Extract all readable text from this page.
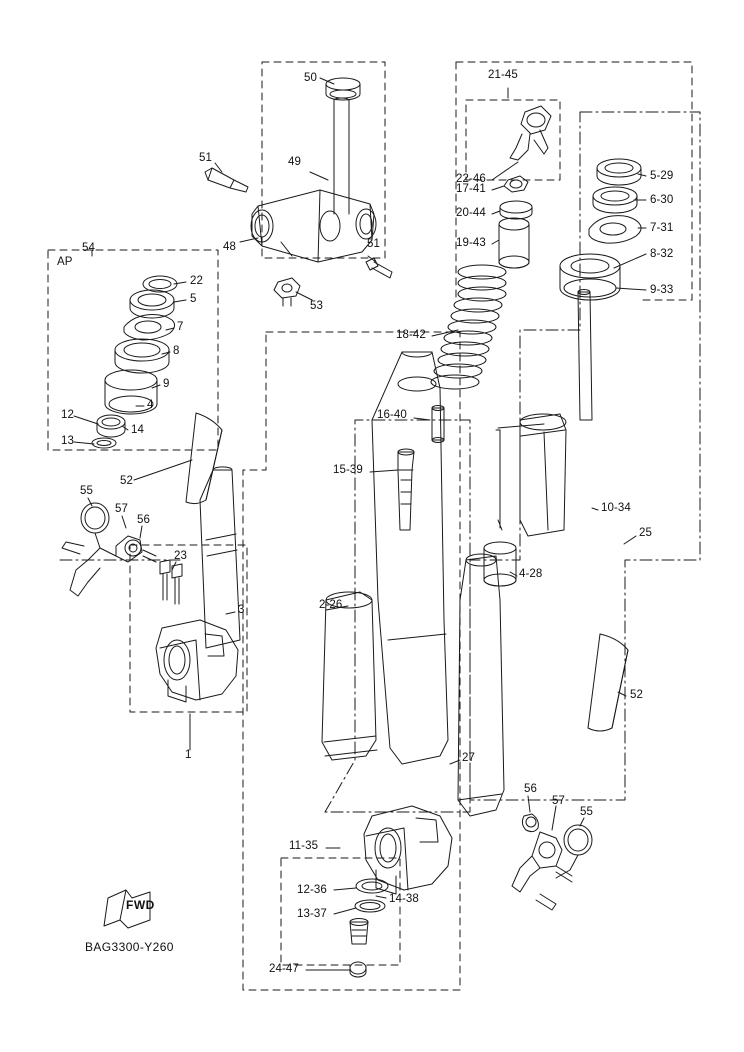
50
48
51	49
51
53
21-45
22-46
17-41
20-44
19-43
18-42
5-29
6-30
7-31
8-32
9-33
54
22
5
7
8
9
4
14
12
13
52
16-40
15-39
10-34
25
4-28
55
57
56
23
3
1
2-26
27
52
56
57
55
11-35
12-36
13-37
14-38
24-47
AP
FWD
BAG3300-Y260
